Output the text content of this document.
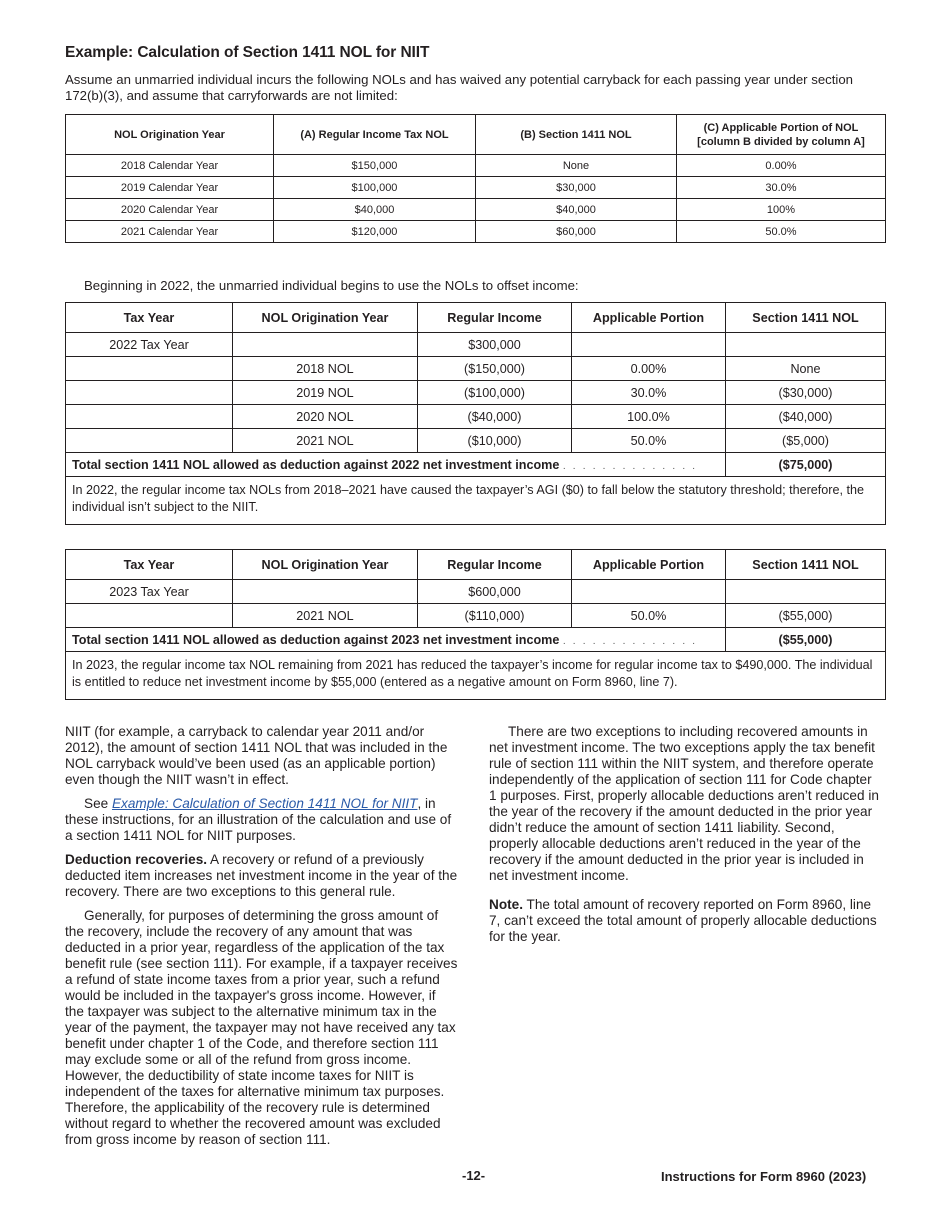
Example: Calculation of Section 1411 NOL for NIIT

Assume an unmarried individual incurs the following NOLs and has waived any potential carryback for each passing year under section 172(b)(3), and assume that carryforwards are not limited:

NOL Origination Year	(A) Regular Income Tax NOL	(B) Section 1411 NOL	(C) Applicable Portion of NOL
[column B divided by column A]
2018 Calendar Year	$150,000	None	0.00%
2019 Calendar Year	$100,000	$30,000	30.0%
2020 Calendar Year	$40,000	$40,000	100%
2021 Calendar Year	$120,000	$60,000	50.0%

Beginning in 2022, the unmarried individual begins to use the NOLs to offset income:

Tax Year	NOL Origination Year	Regular Income	Applicable Portion	Section 1411 NOL
2022 Tax Year		$300,000		
	2018 NOL	($150,000)	0.00%	None
	2019 NOL	($100,000)	30.0%	($30,000)
	2020 NOL	($40,000)	100.0%	($40,000)
	2021 NOL	($10,000)	50.0%	($5,000)
Total section 1411 NOL allowed as deduction against 2022 net investment income . . . . . . . . . . . . . .				($75,000)
In 2022, the regular income tax NOLs from 2018–2021 have caused the taxpayer’s AGI ($0) to fall below the statutory threshold; therefore, the individual isn’t subject to the NIIT.				
Tax Year	NOL Origination Year	Regular Income	Applicable Portion	Section 1411 NOL
2023 Tax Year		$600,000		
	2021 NOL	($110,000)	50.0%	($55,000)
Total section 1411 NOL allowed as deduction against 2023 net investment income . . . . . . . . . . . . . .				($55,000)
In 2023, the regular income tax NOL remaining from 2021 has reduced the taxpayer’s income for regular income tax to $490,000. The individual is entitled to reduce net investment income by $55,000 (entered as a negative amount on Form 8960, line 7).				

NIIT (for example, a carryback to calendar year 2011 and/or 2012), the amount of section 1411 NOL that was included in the NOL carryback would’ve been used (as an applicable portion) even though the NIIT wasn’t in effect.

See Example: Calculation of Section 1411 NOL for NIIT, in these instructions, for an illustration of the calculation and use of a section 1411 NOL for NIIT purposes.

Deduction recoveries. A recovery or refund of a previously deducted item increases net investment income in the year of the recovery. There are two exceptions to this general rule.

Generally, for purposes of determining the gross amount of the recovery, include the recovery of any amount that was deducted in a prior year, regardless of the application of the tax benefit rule (see section 111). For example, if a taxpayer receives a refund of state income taxes from a prior year, such a refund would be included in the taxpayer's gross income. However, if the taxpayer was subject to the alternative minimum tax in the year of the payment, the taxpayer may not have received any tax benefit under chapter 1 of the Code, and therefore section 111 may exclude some or all of the refund from gross income. However, the deductibility of state income taxes for NIIT is independent of the taxes for alternative minimum tax purposes. Therefore, the applicability of the recovery rule is determined without regard to whether the recovered amount was excluded from gross income by reason of section 111.

There are two exceptions to including recovered amounts in net investment income. The two exceptions apply the tax benefit rule of section 111 within the NIIT system, and therefore operate independently of the application of section 111 for Code chapter 1 purposes. First, properly allocable deductions aren’t reduced in the year of the recovery if the amount deducted in the prior year didn’t reduce the amount of section 1411 liability. Second, properly allocable deductions aren’t reduced in the year of the recovery if the amount deducted in the prior year is included in net investment income.

Note. The total amount of recovery reported on Form 8960, line 7, can’t exceed the total amount of properly allocable deductions for the year.

-12-	Instructions for Form 8960 (2023)
